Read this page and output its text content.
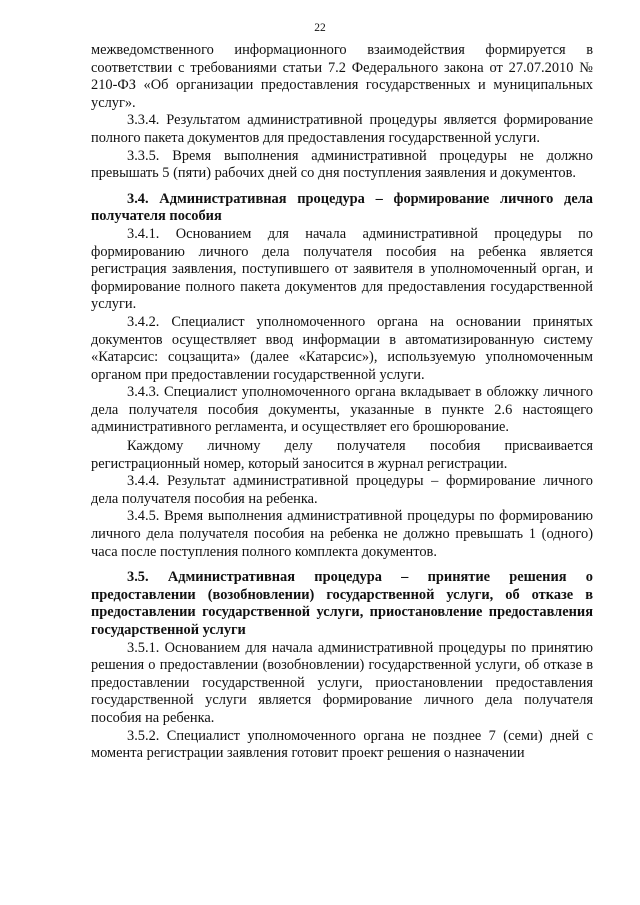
22

межведомственного информационного взаимодействия формируется в соответствии с требованиями статьи 7.2 Федерального закона от 27.07.2010 № 210-ФЗ «Об организации предоставления государственных и муниципальных услуг».

3.3.4. Результатом административной процедуры является формирование полного пакета документов для предоставления государственной услуги.

3.3.5. Время выполнения административной процедуры не должно превышать 5 (пяти) рабочих дней со дня поступления заявления и документов.

3.4. Административная процедура – формирование личного дела получателя пособия

3.4.1. Основанием для начала административной процедуры по формированию личного дела получателя пособия на ребенка является регистрация заявления, поступившего от заявителя в уполномоченный орган, и формирование полного пакета документов для предоставления государственной услуги.

3.4.2. Специалист уполномоченного органа на основании принятых документов осуществляет ввод информации в автоматизированную систему «Катарсис: соцзащита» (далее «Катарсис»), используемую уполномоченным органом при предоставлении государственной услуги.

3.4.3. Специалист уполномоченного органа вкладывает в обложку личного дела получателя пособия документы, указанные в пункте 2.6 настоящего административного регламента, и осуществляет его брошюрование.

Каждому личному делу получателя пособия присваивается регистрационный номер, который заносится в журнал регистрации.

3.4.4. Результат административной процедуры – формирование личного дела получателя пособия на ребенка.

3.4.5. Время выполнения административной процедуры по формированию личного дела получателя пособия на ребенка не должно превышать 1 (одного) часа после поступления полного комплекта документов.

3.5. Административная процедура – принятие решения о предоставлении (возобновлении) государственной услуги, об отказе в предоставлении государственной услуги, приостановление предоставления государственной услуги

3.5.1. Основанием для начала административной процедуры по принятию решения о предоставлении (возобновлении) государственной услуги, об отказе в предоставлении государственной услуги, приостановлении предоставления государственной услуги является формирование личного дела получателя пособия на ребенка.

3.5.2. Специалист уполномоченного органа не позднее 7 (семи) дней с момента регистрации заявления готовит проект решения о назначении
